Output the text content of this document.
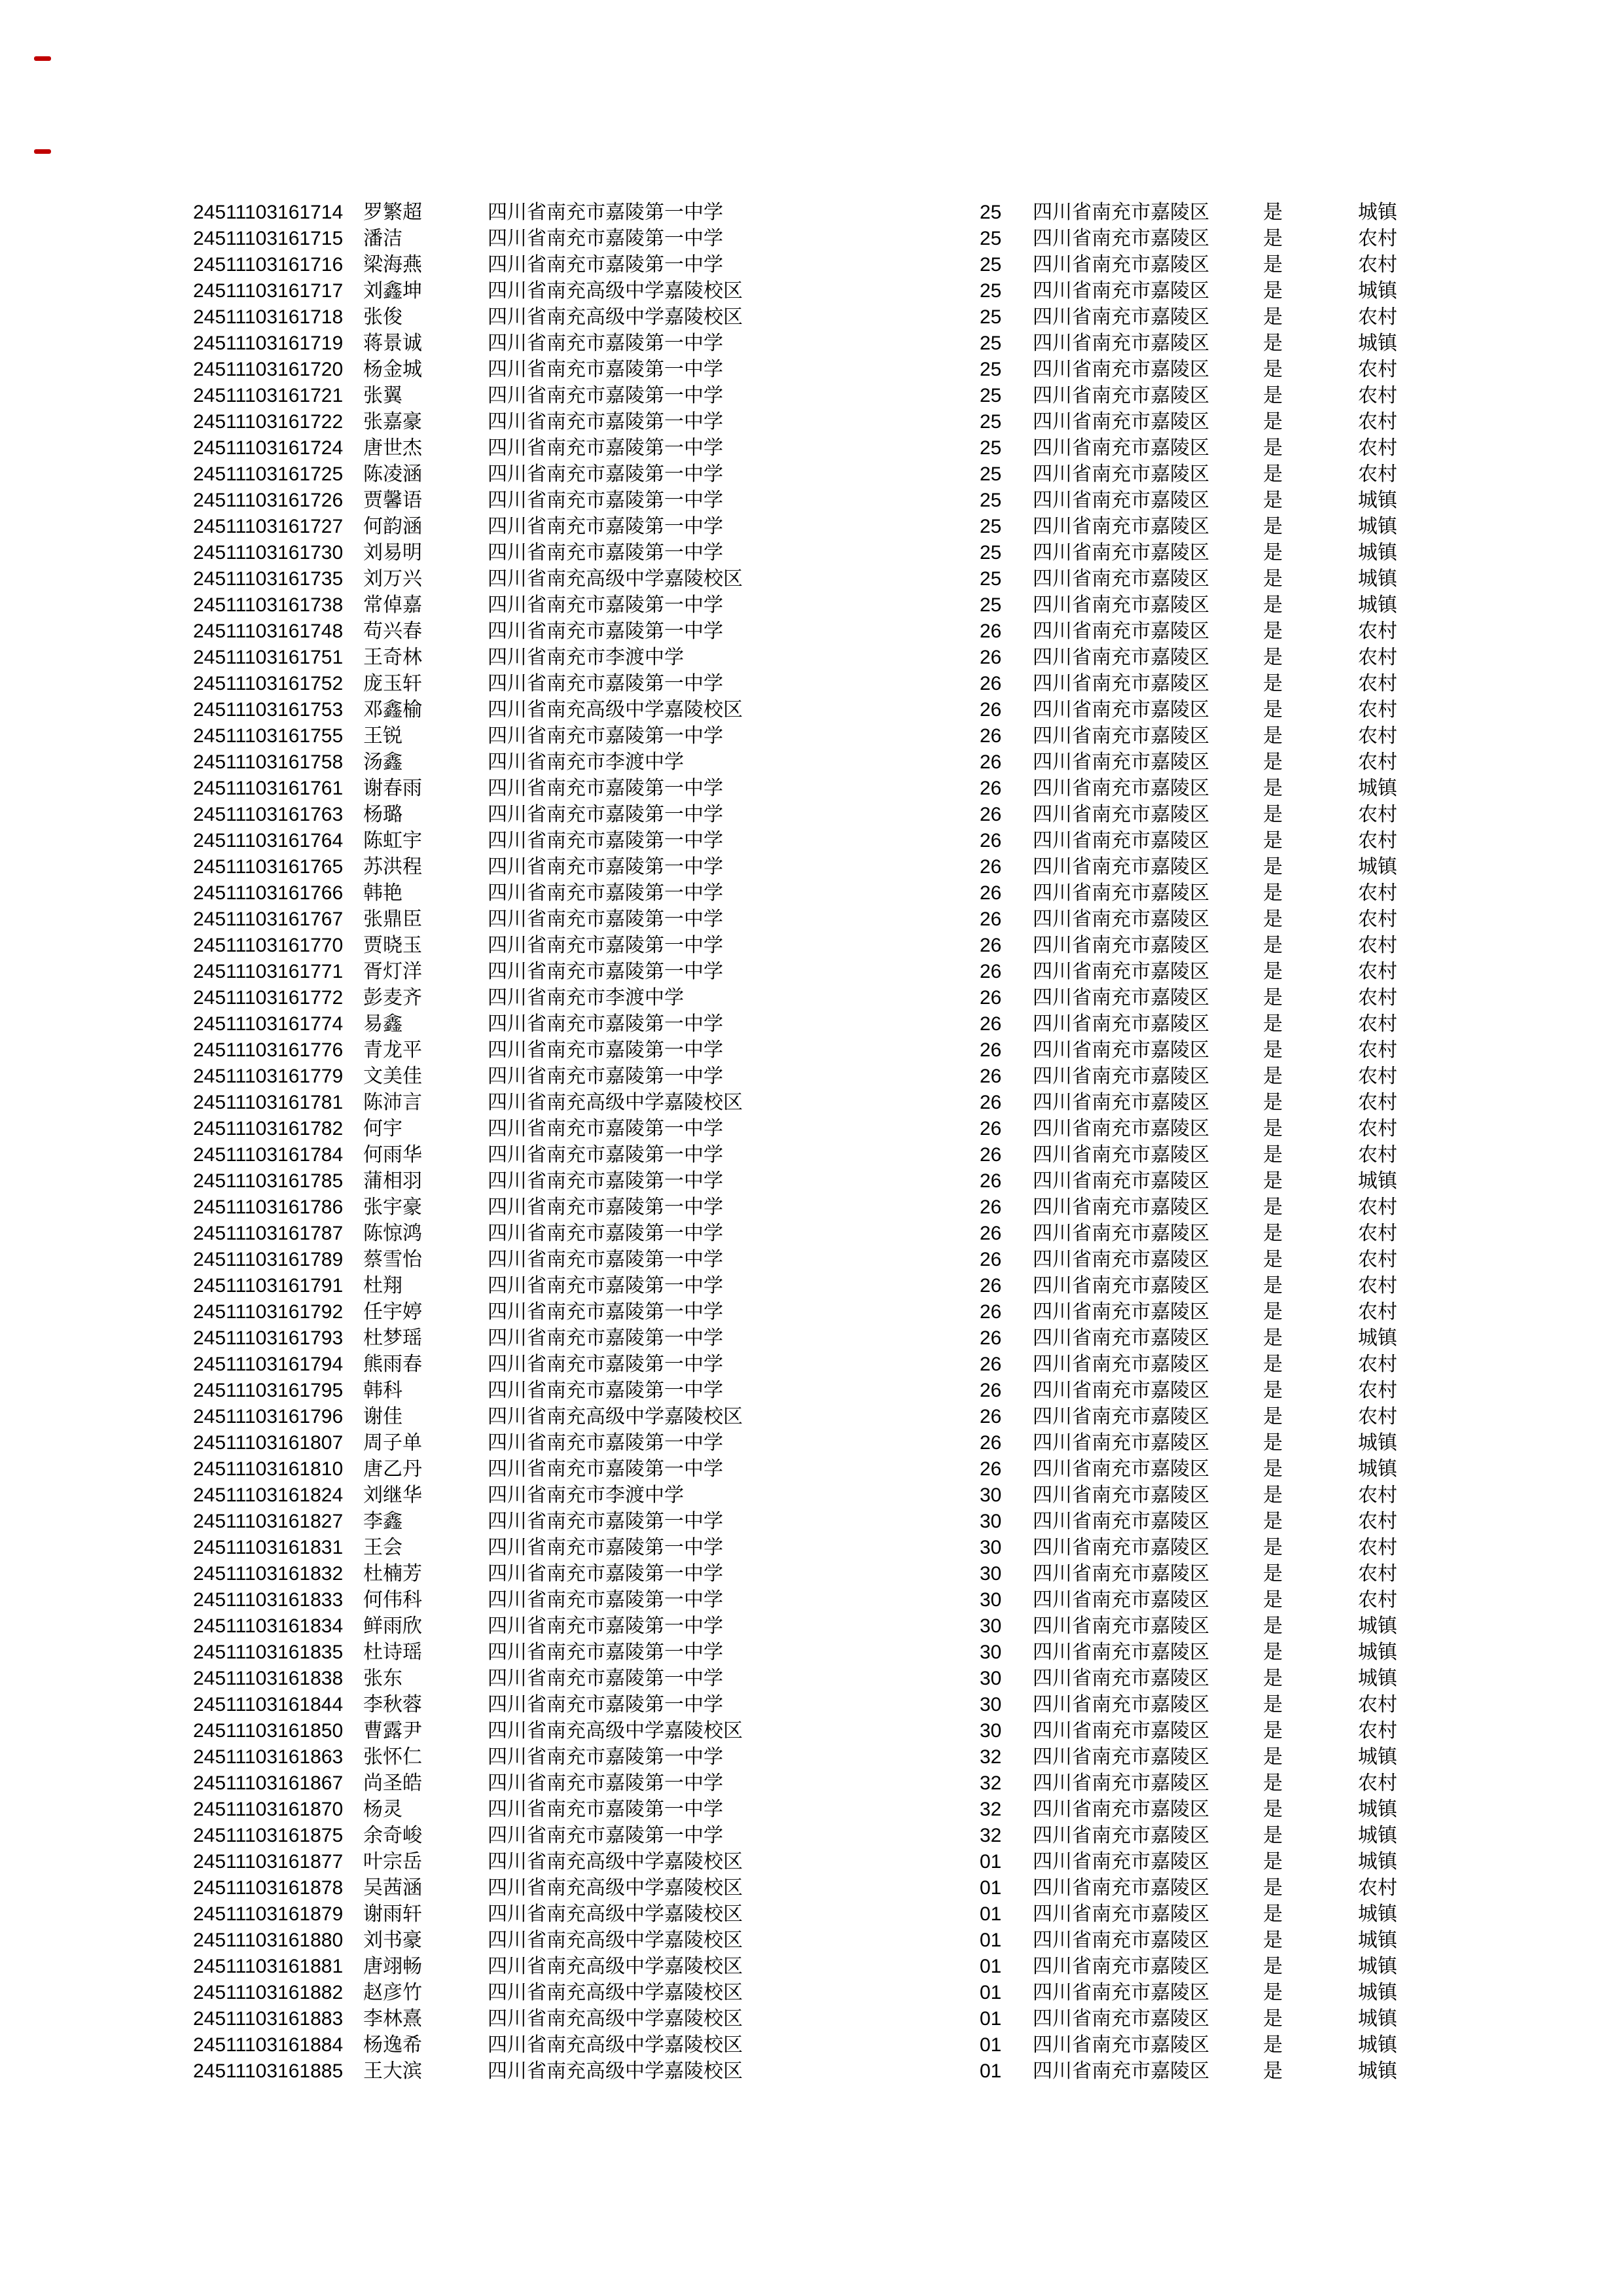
24511103161714	罗繁超	四川省南充市嘉陵第一中学	25	四川省南充市嘉陵区	是	城镇
24511103161715	潘洁	四川省南充市嘉陵第一中学	25	四川省南充市嘉陵区	是	农村
24511103161716	梁海燕	四川省南充市嘉陵第一中学	25	四川省南充市嘉陵区	是	农村
24511103161717	刘鑫坤	四川省南充高级中学嘉陵校区	25	四川省南充市嘉陵区	是	城镇
24511103161718	张俊	四川省南充高级中学嘉陵校区	25	四川省南充市嘉陵区	是	农村
24511103161719	蒋景诚	四川省南充市嘉陵第一中学	25	四川省南充市嘉陵区	是	城镇
24511103161720	杨金城	四川省南充市嘉陵第一中学	25	四川省南充市嘉陵区	是	农村
24511103161721	张翼	四川省南充市嘉陵第一中学	25	四川省南充市嘉陵区	是	农村
24511103161722	张嘉豪	四川省南充市嘉陵第一中学	25	四川省南充市嘉陵区	是	农村
24511103161724	唐世杰	四川省南充市嘉陵第一中学	25	四川省南充市嘉陵区	是	农村
24511103161725	陈凌涵	四川省南充市嘉陵第一中学	25	四川省南充市嘉陵区	是	农村
24511103161726	贾馨语	四川省南充市嘉陵第一中学	25	四川省南充市嘉陵区	是	城镇
24511103161727	何韵涵	四川省南充市嘉陵第一中学	25	四川省南充市嘉陵区	是	城镇
24511103161730	刘易明	四川省南充市嘉陵第一中学	25	四川省南充市嘉陵区	是	城镇
24511103161735	刘万兴	四川省南充高级中学嘉陵校区	25	四川省南充市嘉陵区	是	城镇
24511103161738	常倬嘉	四川省南充市嘉陵第一中学	25	四川省南充市嘉陵区	是	城镇
24511103161748	苟兴春	四川省南充市嘉陵第一中学	26	四川省南充市嘉陵区	是	农村
24511103161751	王奇林	四川省南充市李渡中学	26	四川省南充市嘉陵区	是	农村
24511103161752	庞玉轩	四川省南充市嘉陵第一中学	26	四川省南充市嘉陵区	是	农村
24511103161753	邓鑫榆	四川省南充高级中学嘉陵校区	26	四川省南充市嘉陵区	是	农村
24511103161755	王锐	四川省南充市嘉陵第一中学	26	四川省南充市嘉陵区	是	农村
24511103161758	汤鑫	四川省南充市李渡中学	26	四川省南充市嘉陵区	是	农村
24511103161761	谢春雨	四川省南充市嘉陵第一中学	26	四川省南充市嘉陵区	是	城镇
24511103161763	杨璐	四川省南充市嘉陵第一中学	26	四川省南充市嘉陵区	是	农村
24511103161764	陈虹宇	四川省南充市嘉陵第一中学	26	四川省南充市嘉陵区	是	农村
24511103161765	苏洪程	四川省南充市嘉陵第一中学	26	四川省南充市嘉陵区	是	城镇
24511103161766	韩艳	四川省南充市嘉陵第一中学	26	四川省南充市嘉陵区	是	农村
24511103161767	张鼎臣	四川省南充市嘉陵第一中学	26	四川省南充市嘉陵区	是	农村
24511103161770	贾晓玉	四川省南充市嘉陵第一中学	26	四川省南充市嘉陵区	是	农村
24511103161771	胥灯洋	四川省南充市嘉陵第一中学	26	四川省南充市嘉陵区	是	农村
24511103161772	彭麦齐	四川省南充市李渡中学	26	四川省南充市嘉陵区	是	农村
24511103161774	易鑫	四川省南充市嘉陵第一中学	26	四川省南充市嘉陵区	是	农村
24511103161776	青龙平	四川省南充市嘉陵第一中学	26	四川省南充市嘉陵区	是	农村
24511103161779	文美佳	四川省南充市嘉陵第一中学	26	四川省南充市嘉陵区	是	农村
24511103161781	陈沛言	四川省南充高级中学嘉陵校区	26	四川省南充市嘉陵区	是	农村
24511103161782	何宇	四川省南充市嘉陵第一中学	26	四川省南充市嘉陵区	是	农村
24511103161784	何雨华	四川省南充市嘉陵第一中学	26	四川省南充市嘉陵区	是	农村
24511103161785	蒲相羽	四川省南充市嘉陵第一中学	26	四川省南充市嘉陵区	是	城镇
24511103161786	张宇豪	四川省南充市嘉陵第一中学	26	四川省南充市嘉陵区	是	农村
24511103161787	陈惊鸿	四川省南充市嘉陵第一中学	26	四川省南充市嘉陵区	是	农村
24511103161789	蔡雪怡	四川省南充市嘉陵第一中学	26	四川省南充市嘉陵区	是	农村
24511103161791	杜翔	四川省南充市嘉陵第一中学	26	四川省南充市嘉陵区	是	农村
24511103161792	任宇婷	四川省南充市嘉陵第一中学	26	四川省南充市嘉陵区	是	农村
24511103161793	杜梦瑶	四川省南充市嘉陵第一中学	26	四川省南充市嘉陵区	是	城镇
24511103161794	熊雨春	四川省南充市嘉陵第一中学	26	四川省南充市嘉陵区	是	农村
24511103161795	韩科	四川省南充市嘉陵第一中学	26	四川省南充市嘉陵区	是	农村
24511103161796	谢佳	四川省南充高级中学嘉陵校区	26	四川省南充市嘉陵区	是	农村
24511103161807	周子单	四川省南充市嘉陵第一中学	26	四川省南充市嘉陵区	是	城镇
24511103161810	唐乙丹	四川省南充市嘉陵第一中学	26	四川省南充市嘉陵区	是	城镇
24511103161824	刘继华	四川省南充市李渡中学	30	四川省南充市嘉陵区	是	农村
24511103161827	李鑫	四川省南充市嘉陵第一中学	30	四川省南充市嘉陵区	是	农村
24511103161831	王会	四川省南充市嘉陵第一中学	30	四川省南充市嘉陵区	是	农村
24511103161832	杜楠芳	四川省南充市嘉陵第一中学	30	四川省南充市嘉陵区	是	农村
24511103161833	何伟科	四川省南充市嘉陵第一中学	30	四川省南充市嘉陵区	是	农村
24511103161834	鲜雨欣	四川省南充市嘉陵第一中学	30	四川省南充市嘉陵区	是	城镇
24511103161835	杜诗瑶	四川省南充市嘉陵第一中学	30	四川省南充市嘉陵区	是	城镇
24511103161838	张东	四川省南充市嘉陵第一中学	30	四川省南充市嘉陵区	是	城镇
24511103161844	李秋蓉	四川省南充市嘉陵第一中学	30	四川省南充市嘉陵区	是	农村
24511103161850	曹露尹	四川省南充高级中学嘉陵校区	30	四川省南充市嘉陵区	是	农村
24511103161863	张怀仁	四川省南充市嘉陵第一中学	32	四川省南充市嘉陵区	是	城镇
24511103161867	尚圣皓	四川省南充市嘉陵第一中学	32	四川省南充市嘉陵区	是	农村
24511103161870	杨灵	四川省南充市嘉陵第一中学	32	四川省南充市嘉陵区	是	城镇
24511103161875	余奇峻	四川省南充市嘉陵第一中学	32	四川省南充市嘉陵区	是	城镇
24511103161877	叶宗岳	四川省南充高级中学嘉陵校区	01	四川省南充市嘉陵区	是	城镇
24511103161878	吴茜涵	四川省南充高级中学嘉陵校区	01	四川省南充市嘉陵区	是	农村
24511103161879	谢雨轩	四川省南充高级中学嘉陵校区	01	四川省南充市嘉陵区	是	城镇
24511103161880	刘书豪	四川省南充高级中学嘉陵校区	01	四川省南充市嘉陵区	是	城镇
24511103161881	唐翊畅	四川省南充高级中学嘉陵校区	01	四川省南充市嘉陵区	是	城镇
24511103161882	赵彦竹	四川省南充高级中学嘉陵校区	01	四川省南充市嘉陵区	是	城镇
24511103161883	李林熹	四川省南充高级中学嘉陵校区	01	四川省南充市嘉陵区	是	城镇
24511103161884	杨逸希	四川省南充高级中学嘉陵校区	01	四川省南充市嘉陵区	是	城镇
24511103161885	王大滨	四川省南充高级中学嘉陵校区	01	四川省南充市嘉陵区	是	城镇
